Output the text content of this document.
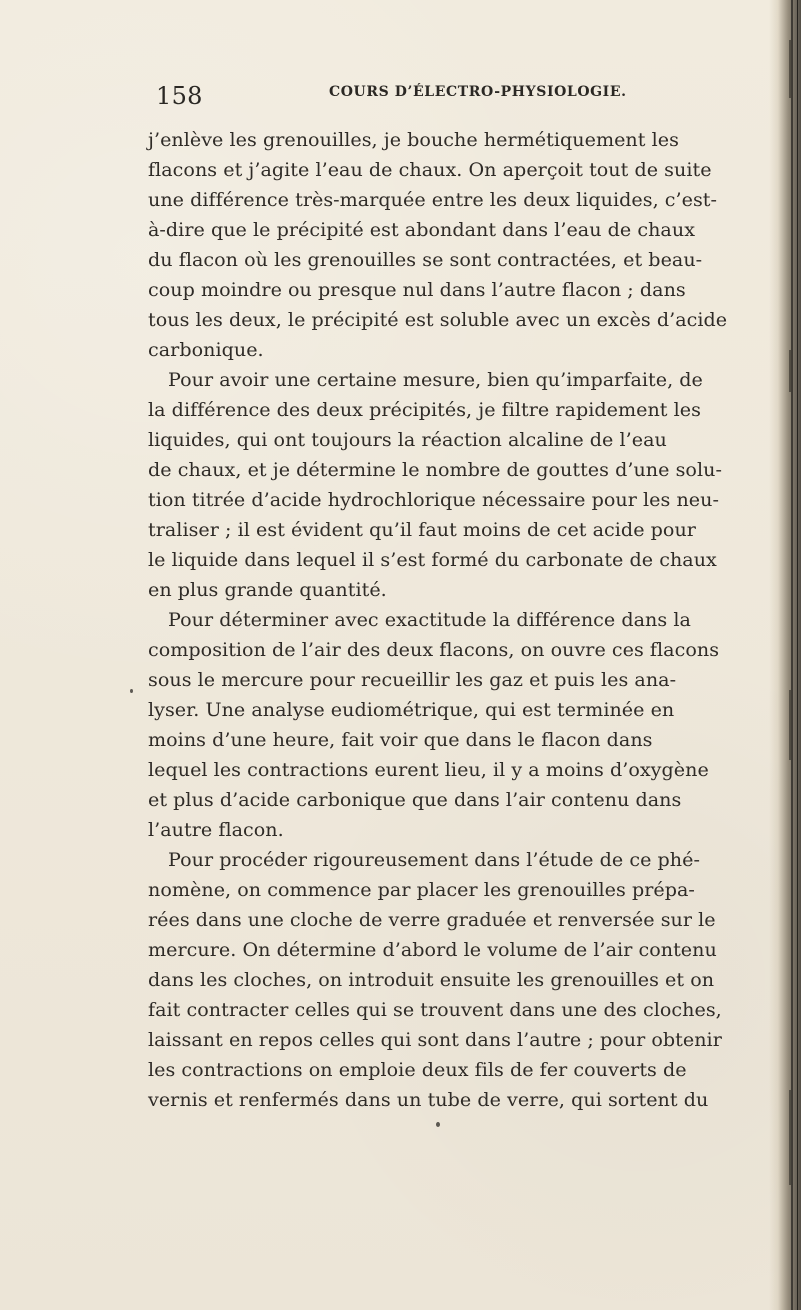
158	COURS D’ÉLECTRO-PHYSIOLOGIE.
j’enlève les grenouilles, je bouche hermétiquement les
flacons et j’agite l’eau de chaux. On aperçoit tout de suite
une différence très-marquée entre les deux liquides, c’est-
à-dire que le précipité est abondant dans l’eau de chaux
du flacon où les grenouilles se sont contractées, et beau-
coup moindre ou presque nul dans l’autre flacon ; dans
tous les deux, le précipité est soluble avec un excès d’acide
carbonique.
Pour avoir une certaine mesure, bien qu’imparfaite, de
la différence des deux précipités, je filtre rapidement les
liquides, qui ont toujours la réaction alcaline de l’eau
de chaux, et je détermine le nombre de gouttes d’une solu-
tion titrée d’acide hydrochlorique nécessaire pour les neu-
traliser ; il est évident qu’il faut moins de cet acide pour
le liquide dans lequel il s’est formé du carbonate de chaux
en plus grande quantité.
Pour déterminer avec exactitude la différence dans la
composition de l’air des deux flacons, on ouvre ces flacons
sous le mercure pour recueillir les gaz et puis les ana-
lyser. Une analyse eudiométrique, qui est terminée en
moins d’une heure, fait voir que dans le flacon dans
lequel les contractions eurent lieu, il y a moins d’oxygène
et plus d’acide carbonique que dans l’air contenu dans
l’autre flacon.
Pour procéder rigoureusement dans l’étude de ce phé-
nomène, on commence par placer les grenouilles prépa-
rées dans une cloche de verre graduée et renversée sur le
mercure. On détermine d’abord le volume de l’air contenu
dans les cloches, on introduit ensuite les grenouilles et on
fait contracter celles qui se trouvent dans une des cloches,
laissant en repos celles qui sont dans l’autre ; pour obtenir
les contractions on emploie deux fils de fer couverts de
vernis et renfermés dans un tube de verre, qui sortent du
